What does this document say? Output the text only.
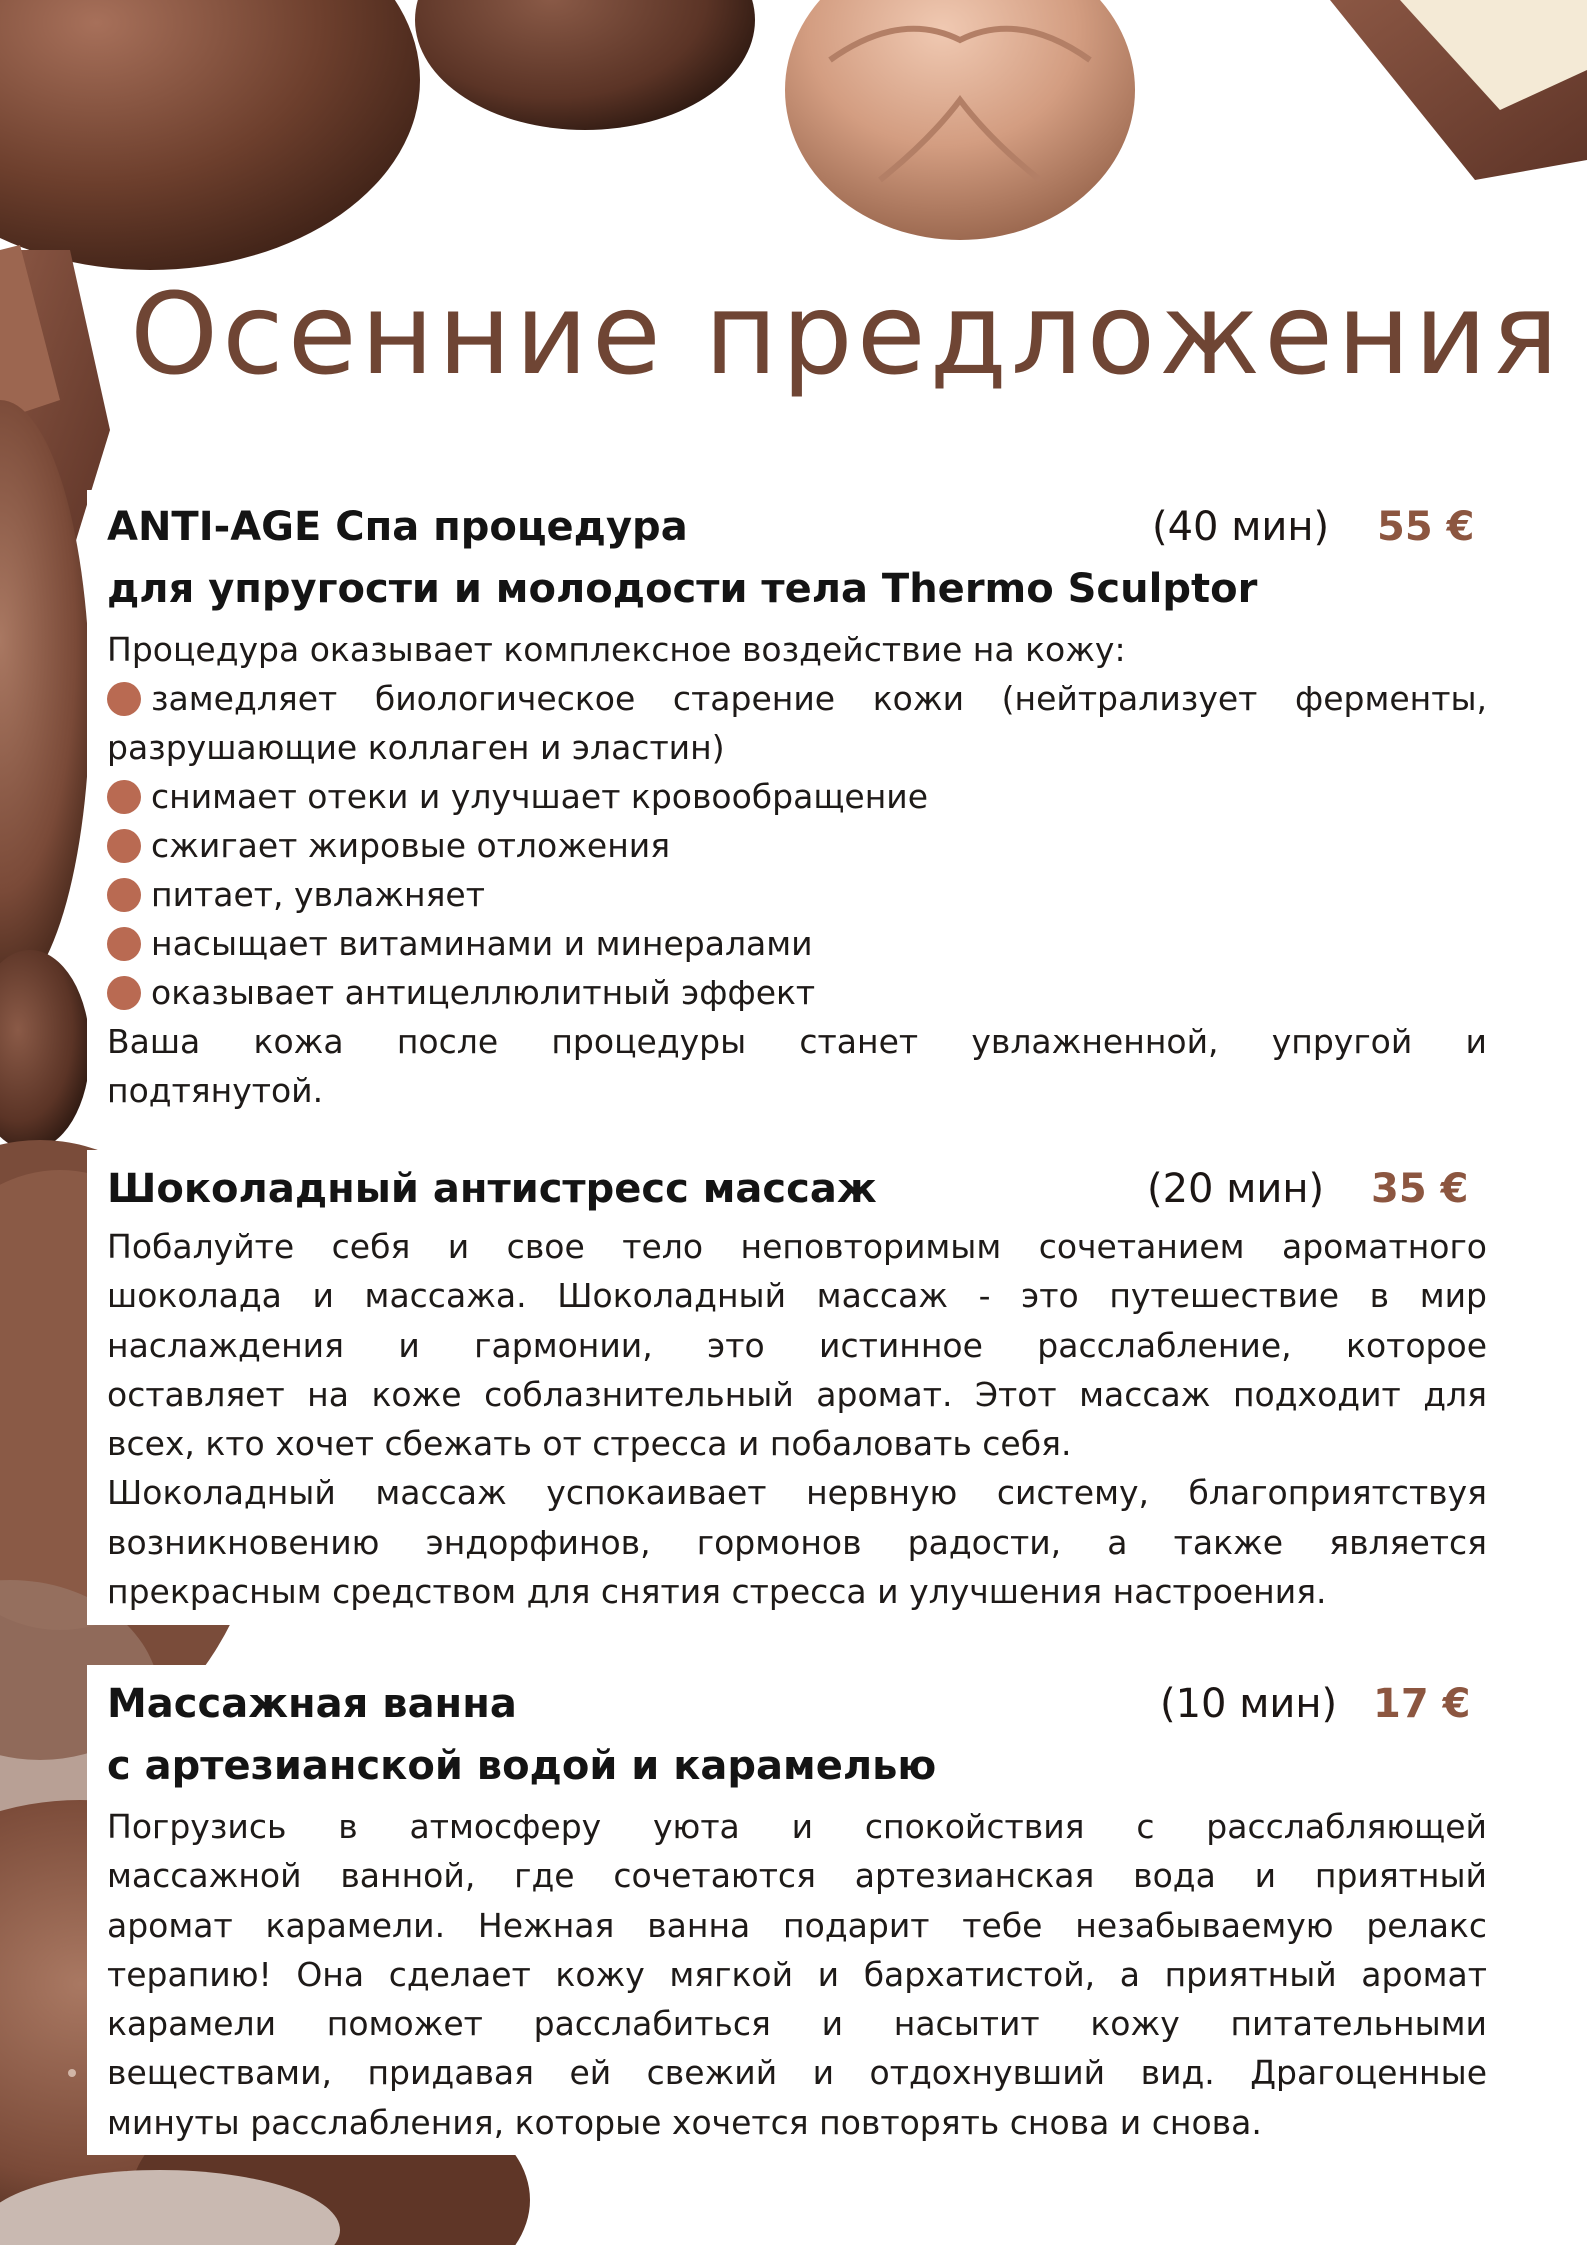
Осенние предложения
ANTI-AGE Спа процедура	(40 мин) 55 €
для упругости и молодости тела Thermo Sculptor
Процедура оказывает комплексное воздействие на кожу:
замедляет биологическое старение кожи (нейтрализует ферменты,
разрушающие коллаген и эластин)
снимает отеки и улучшает кровообращение
сжигает жировые отложения
питает, увлажняет
насыщает витаминами и минералами
оказывает антицеллюлитный эффект
Ваша кожа после процедуры станет увлажненной, упругой и
подтянутой.
Шоколадный антистресс массаж	(20 мин) 35 €
Побалуйте себя и свое тело неповторимым сочетанием ароматного
шоколада и массажа. Шоколадный массаж - это путешествие в мир
наслаждения и гармонии, это истинное расслабление, которое
оставляет на коже соблазнительный аромат. Этот массаж подходит для
всех, кто хочет сбежать от стресса и побаловать себя.
Шоколадный массаж успокаивает нервную систему, благоприятствуя
возникновению эндорфинов, гормонов радости, а также является
прекрасным средством для снятия стресса и улучшения настроения.
Массажная ванна	(10 мин) 17 €
с артезианской водой и карамелью
Погрузись в атмосферу уюта и спокойствия с расслабляющей
массажной ванной, где сочетаются артезианская вода и приятный
аромат карамели. Нежная ванна подарит тебе незабываемую релакс
терапию! Она сделает кожу мягкой и бархатистой, а приятный аромат
карамели поможет расслабиться и насытит кожу питательными
веществами, придавая ей свежий и отдохнувший вид. Драгоценные
минуты расслабления, которые хочется повторять снова и снова.
